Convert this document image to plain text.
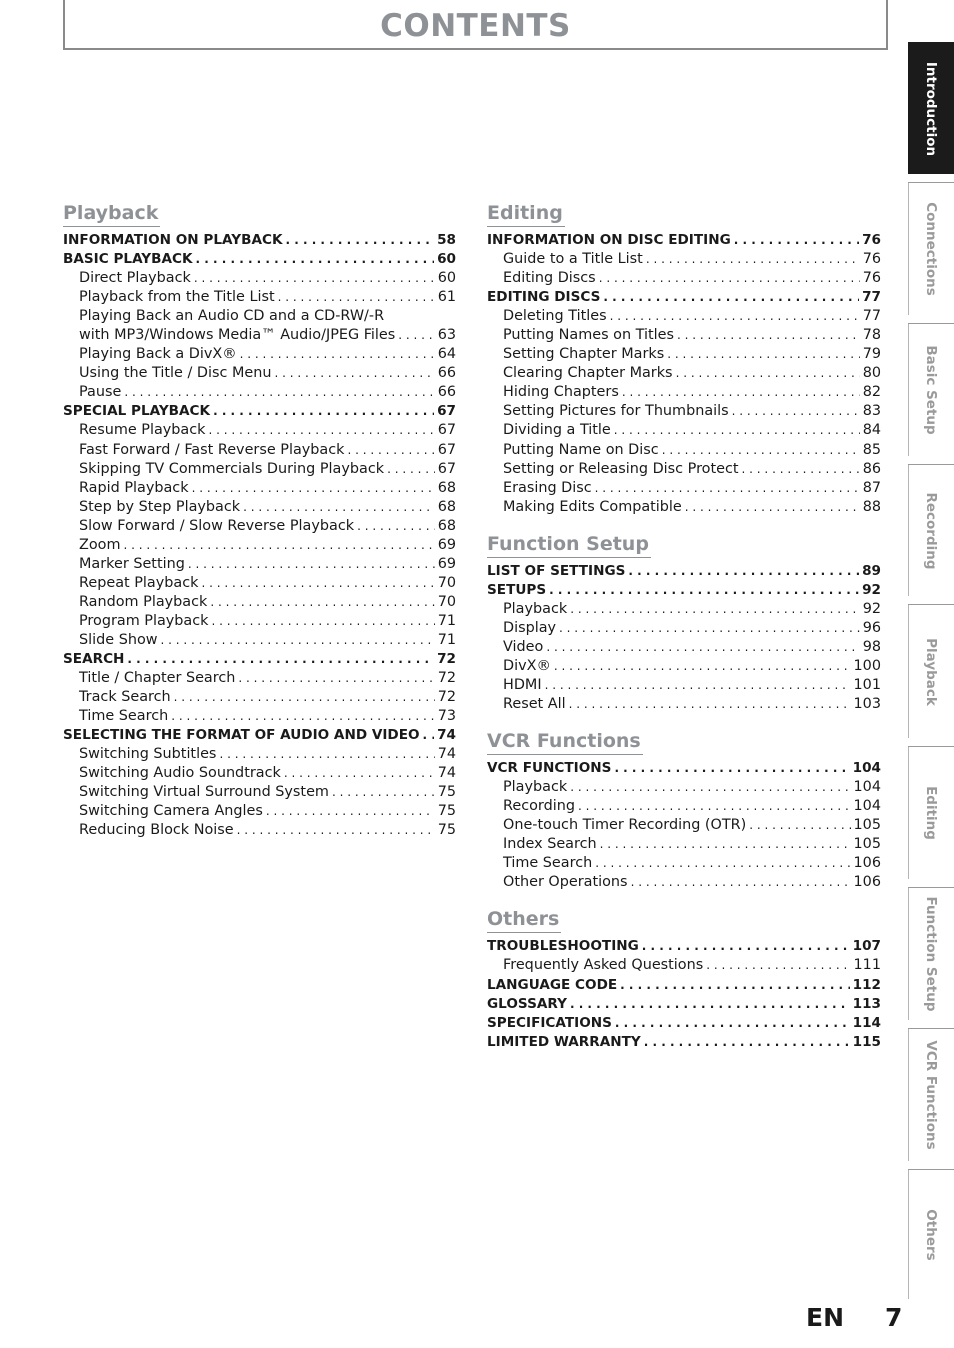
CONTENTS
Playback
INFORMATION ON PLAYBACK . . .	58
BASIC PLAYBACK . . .	60
Direct Playback . . .	60
Playback from the Title List . . .	61
Playing Back an Audio CD and a CD-RW/-R
with MP3/Windows Media™ Audio/JPEG Files . . .	63
Playing Back a DivX® . . .	64
Using the Title / Disc Menu . . .	66
Pause . . .	66
SPECIAL PLAYBACK . . .	67
Resume Playback . . .	67
Fast Forward / Fast Reverse Playback . . .	67
Skipping TV Commercials During Playback . . .	67
Rapid Playback . . .	68
Step by Step Playback . . .	68
Slow Forward / Slow Reverse Playback . . .	68
Zoom . . .	69
Marker Setting . . .	69
Repeat Playback . . .	70
Random Playback . . .	70
Program Playback . . .	71
Slide Show . . .	71
SEARCH . . .	72
Title / Chapter Search . . .	72
Track Search . . .	72
Time Search . . .	73
SELECTING THE FORMAT OF AUDIO AND VIDEO . . . 74
Switching Subtitles . . .	74
Switching Audio Soundtrack . . .	74
Switching Virtual Surround System . . .	75
Switching Camera Angles . . .	75
Reducing Block Noise . . .	75
Editing
INFORMATION ON DISC EDITING . . .	76
Guide to a Title List . . .	76
Editing Discs . . .	76
EDITING DISCS . . .	77
Deleting Titles . . .	77
Putting Names on Titles . . .	78
Setting Chapter Marks . . .	79
Clearing Chapter Marks . . .	80
Hiding Chapters . . .	82
Setting Pictures for Thumbnails . . .	83
Dividing a Title . . .	84
Putting Name on Disc . . .	85
Setting or Releasing Disc Protect . . .	86
Erasing Disc . . .	87
Making Edits Compatible . . .	88
Function Setup
LIST OF SETTINGS . . .	89
SETUPS . . .	92
Playback . . .	92
Display . . .	96
Video . . .	98
DivX® . . .	100
HDMI . . .	101
Reset All . . .	103
VCR Functions
VCR FUNCTIONS . . .	104
Playback . . .	104
Recording . . .	104
One-touch Timer Recording (OTR) . . .	105
Index Search . . .	105
Time Search . . .	106
Other Operations . . .	106
Others
TROUBLESHOOTING . . .	107
Frequently Asked Questions . . .	111
LANGUAGE CODE . . .	112
GLOSSARY . . .	113
SPECIFICATIONS . . .	114
LIMITED WARRANTY . . .	115
Introduction
Connections
Basic Setup
Recording
Playback
Editing
Function Setup
VCR Functions
Others
EN 7
